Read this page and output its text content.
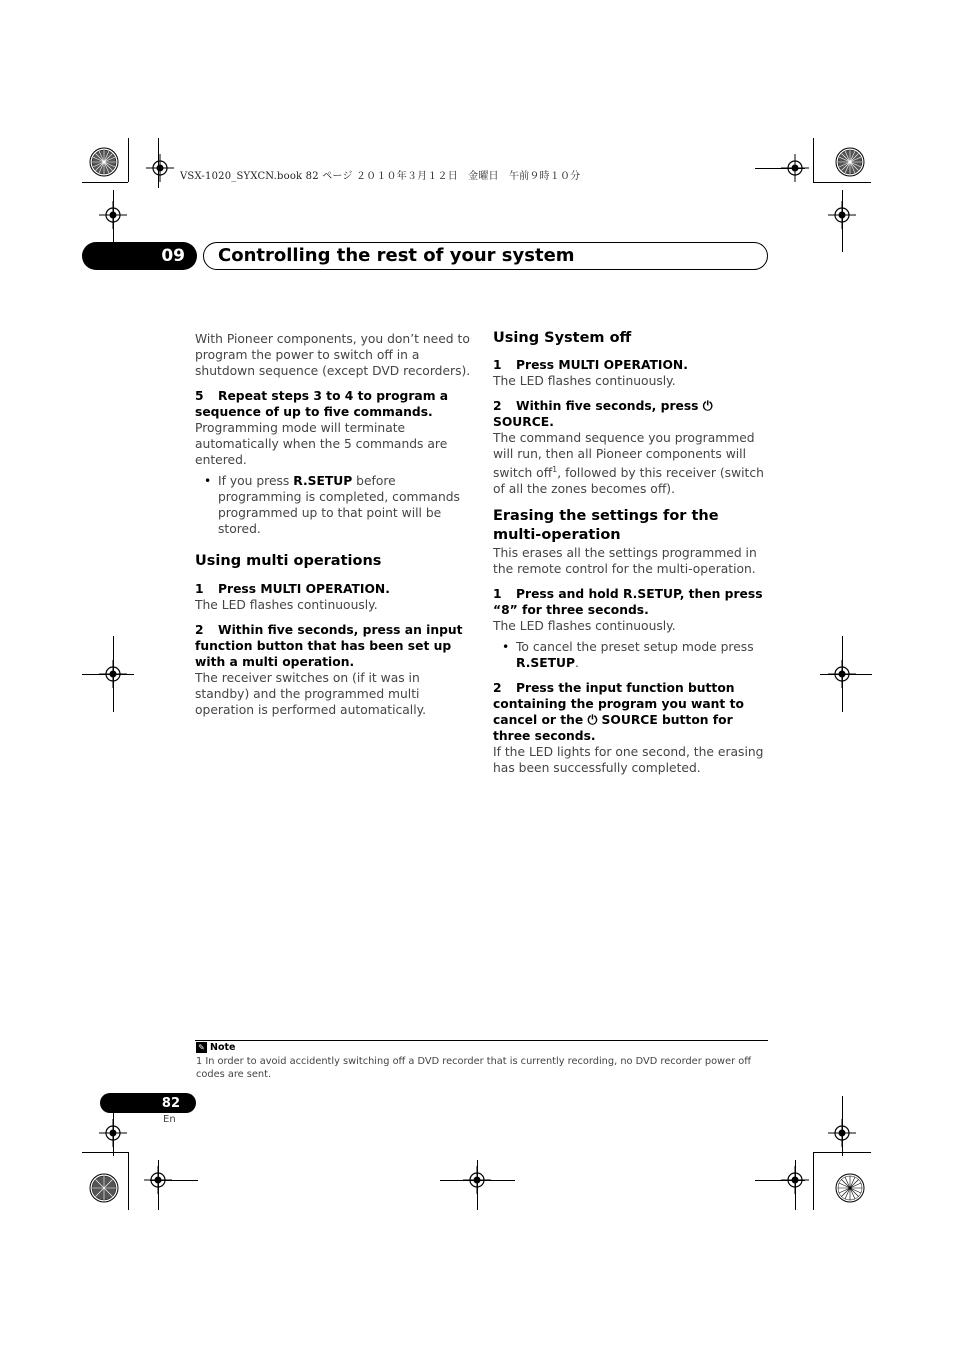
VSX-1020_SYXCN.book 82 ページ ２０１０年３月１２日　金曜日　午前９時１０分
09 Controlling the rest of your system

With Pioneer components, you don’t need to program the power to switch off in a shutdown sequence (except DVD recorders).

5 Repeat steps 3 to 4 to program a sequence of up to five commands.

Programming mode will terminate automatically when the 5 commands are entered.

• If you press R.SETUP before programming is completed, commands programmed up to that point will be stored.

Using multi operations

1 Press MULTI OPERATION.

The LED flashes continuously.

2 Within five seconds, press an input function button that has been set up with a multi operation.

The receiver switches on (if it was in standby) and the programmed multi operation is performed automatically.

Using System off

1 Press MULTI OPERATION.

The LED flashes continuously.

2 Within five seconds, press ⏻ SOURCE.

The command sequence you programmed will run, then all Pioneer components will switch off$^1$, followed by this receiver (switch of all the zones becomes off).

Erasing the settings for the multi-operation

This erases all the settings programmed in the remote control for the multi-operation.

1 Press and hold R.SETUP, then press “8” for three seconds.

The LED flashes continuously.

• To cancel the preset setup mode press R.SETUP.

2 Press the input function button containing the program you want to cancel or the ⏻ SOURCE button for three seconds.

If the LED lights for one second, the erasing has been successfully completed.

✎ Note
1 In order to avoid accidently switching off a DVD recorder that is currently recording, no DVD recorder power off codes are sent.
82
En
